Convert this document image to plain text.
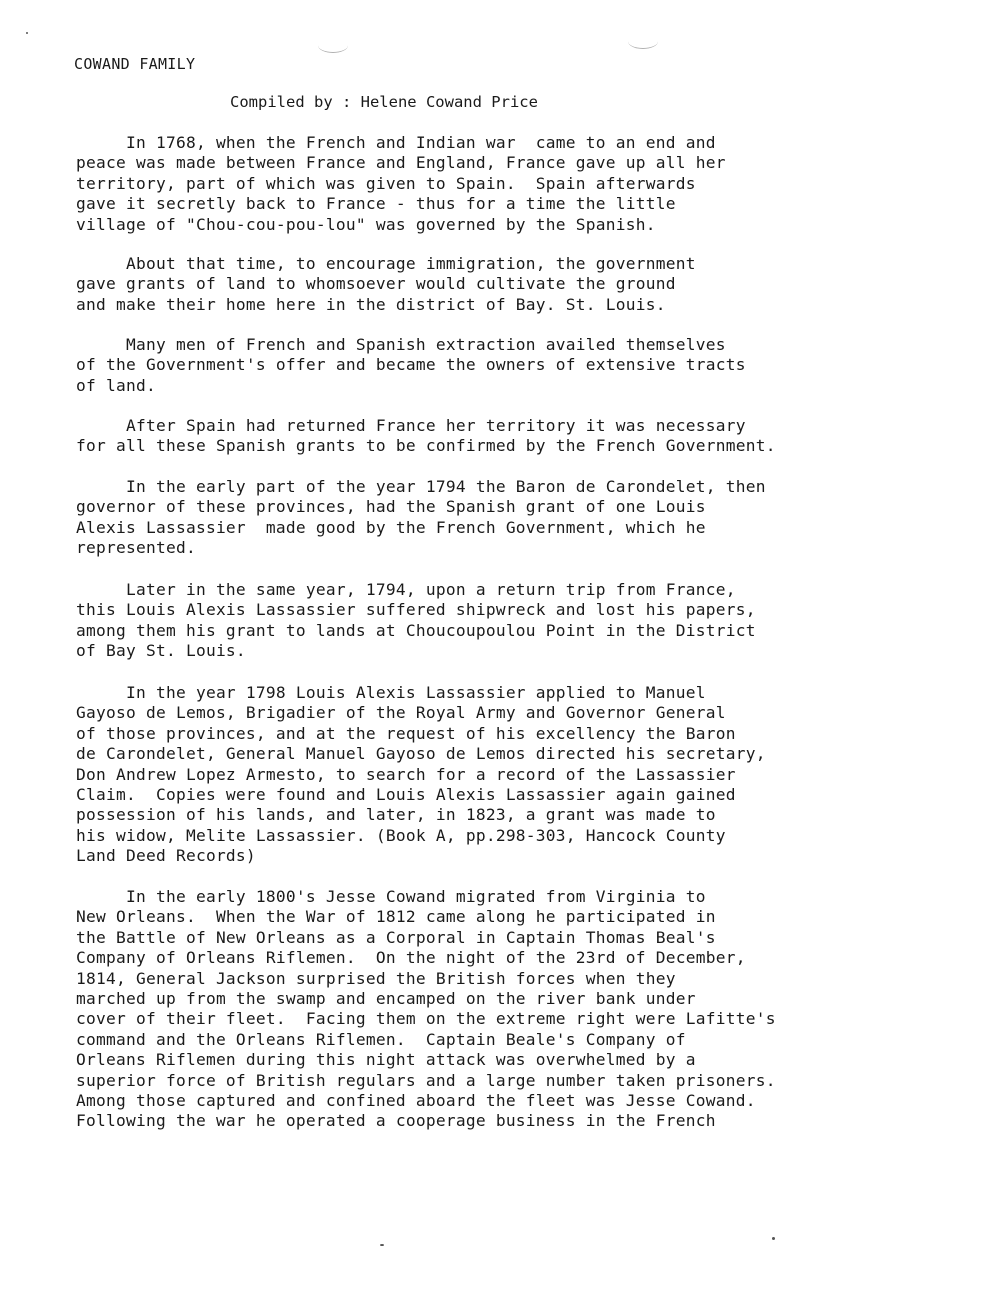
COWAND FAMILY
Compiled by : Helene Cowand Price
In 1768, when the French and Indian war  came to an end and
peace was made between France and England, France gave up all her
territory, part of which was given to Spain.  Spain afterwards
gave it secretly back to France - thus for a time the little
village of "Chou-cou-pou-lou" was governed by the Spanish.
About that time, to encourage immigration, the government
gave grants of land to whomsoever would cultivate the ground
and make their home here in the district of Bay. St. Louis.
Many men of French and Spanish extraction availed themselves
of the Government's offer and became the owners of extensive tracts
of land.
After Spain had returned France her territory it was necessary
for all these Spanish grants to be confirmed by the French Government.
In the early part of the year 1794 the Baron de Carondelet, then
governor of these provinces, had the Spanish grant of one Louis
Alexis Lassassier  made good by the French Government, which he
represented.
Later in the same year, 1794, upon a return trip from France,
this Louis Alexis Lassassier suffered shipwreck and lost his papers,
among them his grant to lands at Choucoupoulou Point in the District
of Bay St. Louis.
In the year 1798 Louis Alexis Lassassier applied to Manuel
Gayoso de Lemos, Brigadier of the Royal Army and Governor General
of those provinces, and at the request of his excellency the Baron
de Carondelet, General Manuel Gayoso de Lemos directed his secretary,
Don Andrew Lopez Armesto, to search for a record of the Lassassier
Claim.  Copies were found and Louis Alexis Lassassier again gained
possession of his lands, and later, in 1823, a grant was made to
his widow, Melite Lassassier. (Book A, pp.298-303, Hancock County
Land Deed Records)
In the early 1800's Jesse Cowand migrated from Virginia to
New Orleans.  When the War of 1812 came along he participated in
the Battle of New Orleans as a Corporal in Captain Thomas Beal's
Company of Orleans Riflemen.  On the night of the 23rd of December,
1814, General Jackson surprised the British forces when they
marched up from the swamp and encamped on the river bank under
cover of their fleet.  Facing them on the extreme right were Lafitte's
command and the Orleans Riflemen.  Captain Beale's Company of
Orleans Riflemen during this night attack was overwhelmed by a
superior force of British regulars and a large number taken prisoners.
Among those captured and confined aboard the fleet was Jesse Cowand.
Following the war he operated a cooperage business in the French
